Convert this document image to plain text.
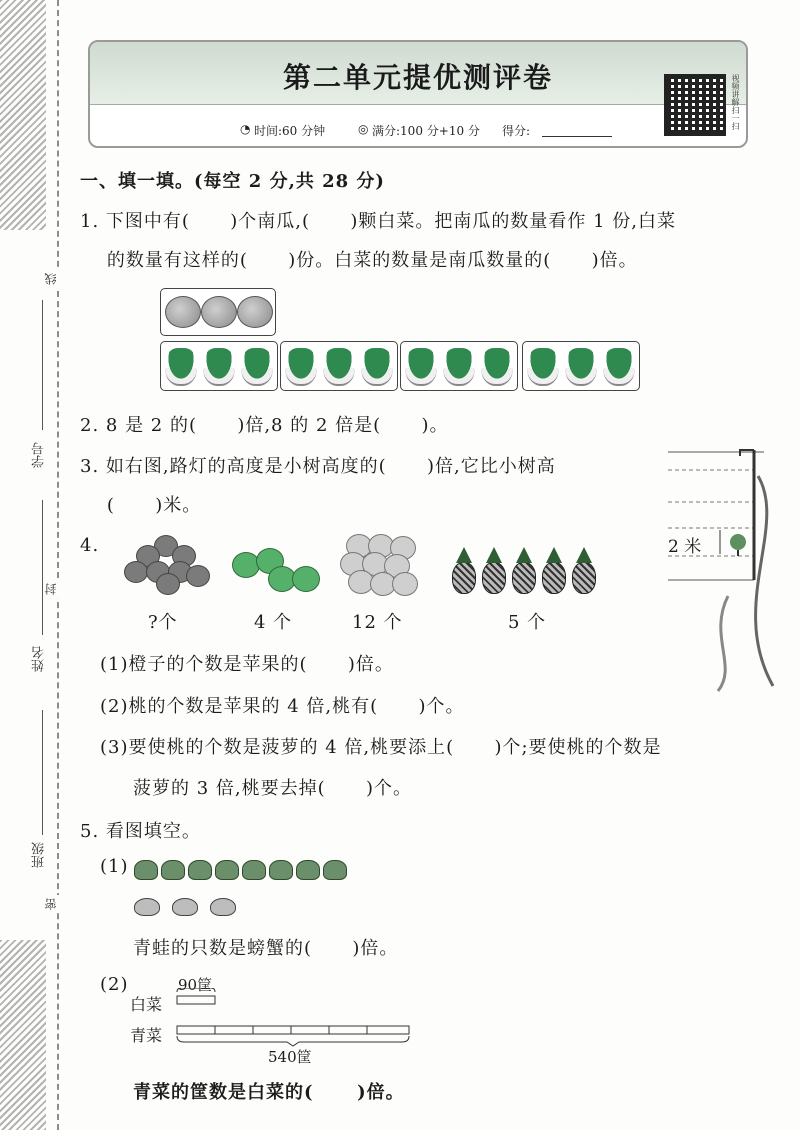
线
封
密
学号
姓名
班级
第二单元提优测评卷
◔ 时间:60 分钟	◎ 满分:100 分+10 分 得分:
视频讲解扫一扫
一、填一填。(每空 2 分,共 28 分)
1. 下图中有(      )个南瓜,(      )颗白菜。把南瓜的数量看作 1 份,白菜
的数量有这样的(      )份。白菜的数量是南瓜数量的(      )倍。
2. 8 是 2 的(      )倍,8 的 2 倍是(      )。
3. 如右图,路灯的高度是小树高度的(      )倍,它比小树高
(      )米。
2 米
4.
?个	4 个	12 个	5 个
(1)橙子的个数是苹果的(      )倍。
(2)桃的个数是苹果的 4 倍,桃有(      )个。
(3)要使桃的个数是菠萝的 4 倍,桃要添上(      )个;要使桃的个数是
菠萝的 3 倍,桃要去掉(      )个。
5. 看图填空。
(1)
青蛙的只数是螃蟹的(      )倍。
(2)	90筐
白菜
青菜
540筐
青菜的筐数是白菜的(      )倍。
